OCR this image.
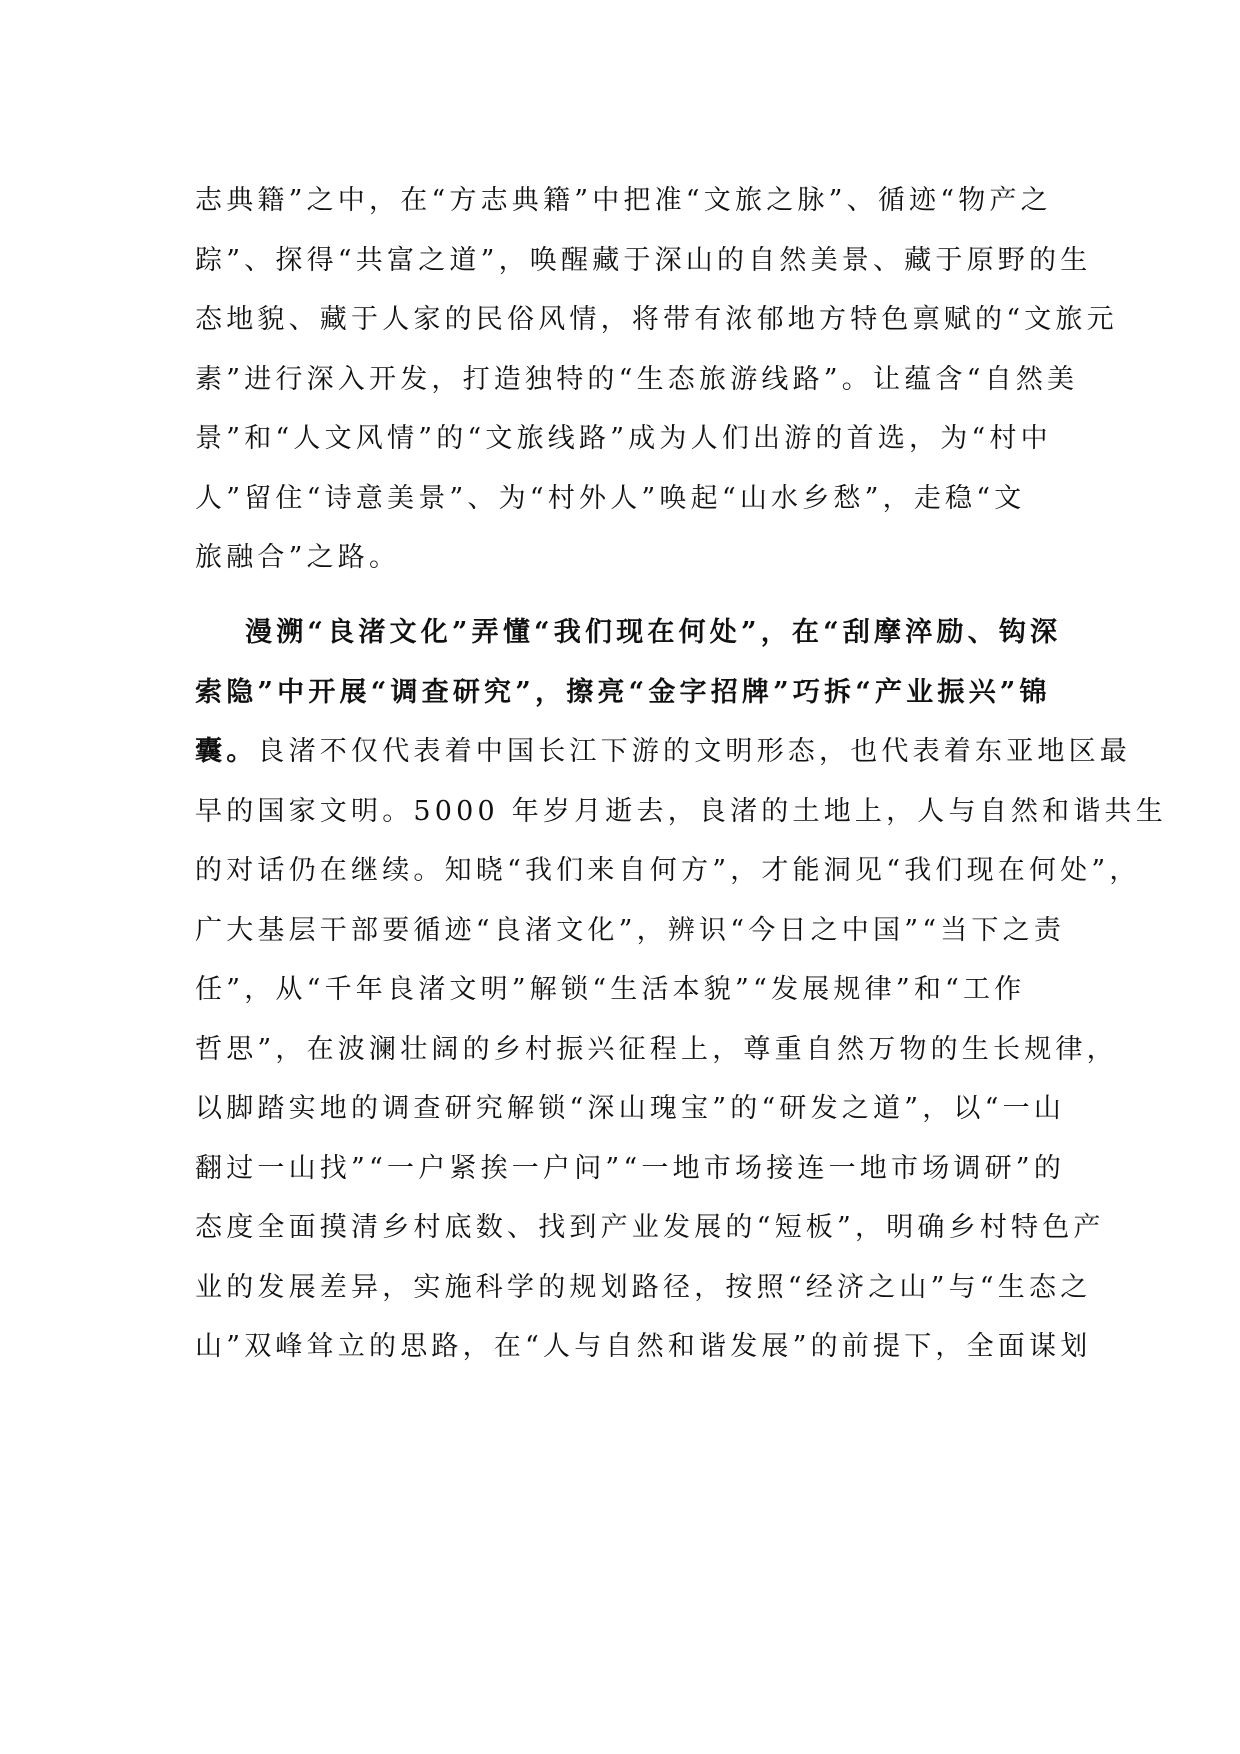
志典籍”之中，在“方志典籍”中把准“文旅之脉”、循迹“物产之
踪”、探得“共富之道”，唤醒藏于深山的自然美景、藏于原野的生
态地貌、藏于人家的民俗风情，将带有浓郁地方特色禀赋的“文旅元
素”进行深入开发，打造独特的“生态旅游线路”。让蕴含“自然美
景”和“人文风情”的“文旅线路”成为人们出游的首选，为“村中
人”留住“诗意美景”、为“村外人”唤起“山水乡愁”，走稳“文
旅融合”之路。
漫溯“良渚文化”弄懂“我们现在何处”，在“刮摩淬励、钩深
索隐”中开展“调查研究”，擦亮“金字招牌”巧拆“产业振兴”锦
囊。良渚不仅代表着中国长江下游的文明形态，也代表着东亚地区最
早的国家文明。5000 年岁月逝去，良渚的土地上，人与自然和谐共生
的对话仍在继续。知晓“我们来自何方”，才能洞见“我们现在何处”，
广大基层干部要循迹“良渚文化”，辨识“今日之中国”“当下之责
任”，从“千年良渚文明”解锁“生活本貌”“发展规律”和“工作
哲思”，在波澜壮阔的乡村振兴征程上，尊重自然万物的生长规律，
以脚踏实地的调查研究解锁“深山瑰宝”的“研发之道”，以“一山
翻过一山找”“一户紧挨一户问”“一地市场接连一地市场调研”的
态度全面摸清乡村底数、找到产业发展的“短板”，明确乡村特色产
业的发展差异，实施科学的规划路径，按照“经济之山”与“生态之
山”双峰耸立的思路，在“人与自然和谐发展”的前提下，全面谋划
